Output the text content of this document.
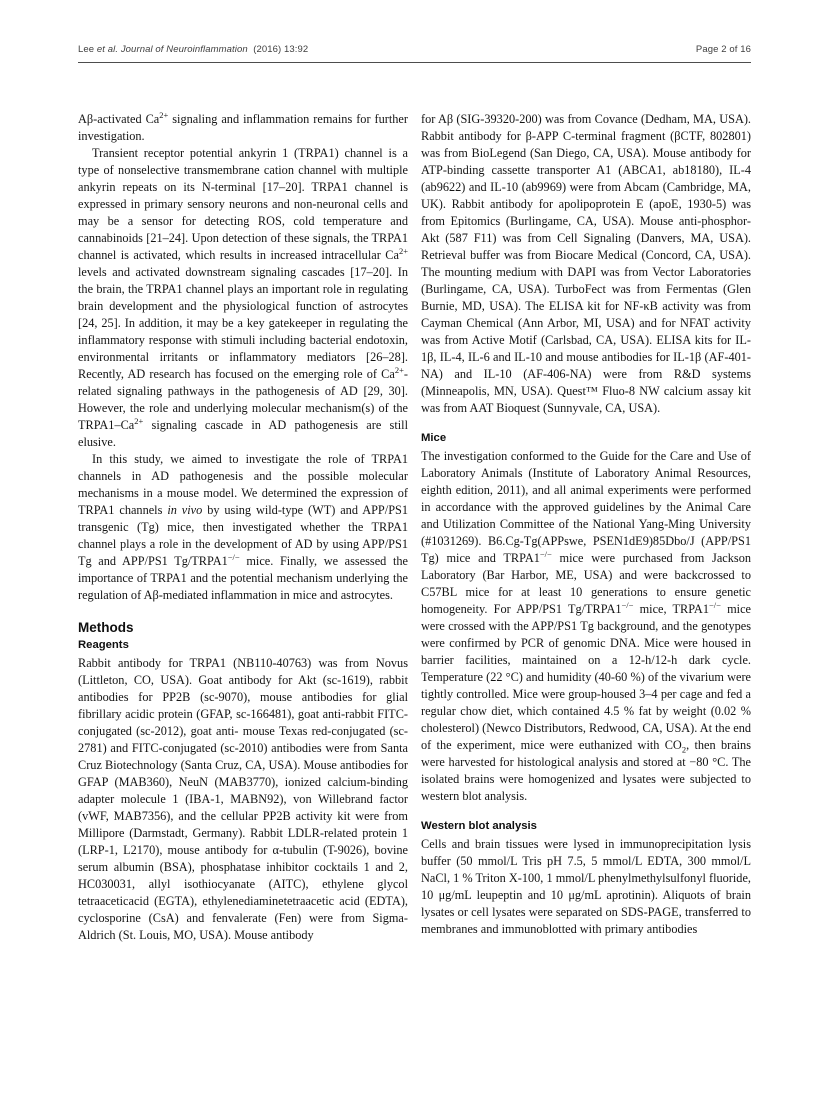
Lee et al. Journal of Neuroinflammation  (2016) 13:92	Page 2 of 16

Aβ-activated $Ca^{2+}$ signaling and inflammation remains for further investigation.

Transient receptor potential ankyrin 1 (TRPA1) channel is a type of nonselective transmembrane cation channel with multiple ankyrin repeats on its N-terminal [17–20]. TRPA1 channel is expressed in primary sensory neurons and non-neuronal cells and may be a sensor for detecting ROS, cold temperature and cannabinoids [21–24]. Upon detection of these signals, the TRPA1 channel is activated, which results in increased intracellular $Ca^{2+}$ levels and activated downstream signaling cascades [17–20]. In the brain, the TRPA1 channel plays an important role in regulating brain development and the physiological function of astrocytes [24, 25]. In addition, it may be a key gatekeeper in regulating the inflammatory response with stimuli including bacterial endotoxin, environmental irritants or inflammatory mediators [26–28]. Recently, AD research has focused on the emerging role of $Ca^{2+}$-related signaling pathways in the pathogenesis of AD [29, 30]. However, the role and underlying molecular mechanism(s) of the $TRPA1-Ca^{2+}$ signaling cascade in AD pathogenesis are still elusive.

In this study, we aimed to investigate the role of TRPA1 channels in AD pathogenesis and the possible molecular mechanisms in a mouse model. We determined the expression of TRPA1 channels in vivo by using wild-type (WT) and APP/PS1 transgenic (Tg) mice, then investigated whether the TRPA1 channel plays a role in the development of AD by using APP/PS1 Tg and APP/PS1 Tg/TRPA1−/− mice. Finally, we assessed the importance of TRPA1 and the potential mechanism underlying the regulation of Aβ-mediated inflammation in mice and astrocytes.

Methods
Reagents

Rabbit antibody for TRPA1 (NB110-40763) was from Novus (Littleton, CO, USA). Goat antibody for Akt (sc-1619), rabbit antibodies for PP2B (sc-9070), mouse antibodies for glial fibrillary acidic protein (GFAP, sc-166481), goat anti-rabbit FITC-conjugated (sc-2012), goat anti- mouse Texas red-conjugated (sc-2781) and FITC-conjugated (sc-2010) antibodies were from Santa Cruz Biotechnology (Santa Cruz, CA, USA). Mouse antibodies for GFAP (MAB360), NeuN (MAB3770), ionized calcium-binding adapter molecule 1 (IBA-1, MABN92), von Willebrand factor (vWF, MAB7356), and the cellular PP2B activity kit were from Millipore (Darmstadt, Germany). Rabbit LDLR-related protein 1 (LRP-1, L2170), mouse antibody for α-tubulin (T-9026), bovine serum albumin (BSA), phosphatase inhibitor cocktails 1 and 2, HC030031, allyl isothiocyanate (AITC), ethylene glycol tetraaceticacid (EGTA), ethylenediaminetetraacetic acid (EDTA), cyclosporine (CsA) and fenvalerate (Fen) were from Sigma-Aldrich (St. Louis, MO, USA). Mouse antibody

for Aβ (SIG-39320-200) was from Covance (Dedham, MA, USA). Rabbit antibody for β-APP C-terminal fragment (βCTF, 802801) was from BioLegend (San Diego, CA, USA). Mouse antibody for ATP-binding cassette transporter A1 (ABCA1, ab18180), IL-4 (ab9622) and IL-10 (ab9969) were from Abcam (Cambridge, MA, UK). Rabbit antibody for apolipoprotein E (apoE, 1930-5) was from Epitomics (Burlingame, CA, USA). Mouse anti-phosphor-Akt (587 F11) was from Cell Signaling (Danvers, MA, USA). Retrieval buffer was from Biocare Medical (Concord, CA, USA). The mounting medium with DAPI was from Vector Laboratories (Burlingame, CA, USA). TurboFect was from Fermentas (Glen Burnie, MD, USA). The ELISA kit for NF-κB activity was from Cayman Chemical (Ann Arbor, MI, USA) and for NFAT activity was from Active Motif (Carlsbad, CA, USA). ELISA kits for IL-1β, IL-4, IL-6 and IL-10 and mouse antibodies for IL-1β (AF-401-NA) and IL-10 (AF-406-NA) were from R&D systems (Minneapolis, MN, USA). Quest™ Fluo-8 NW calcium assay kit was from AAT Bioquest (Sunnyvale, CA, USA).

Mice

The investigation conformed to the Guide for the Care and Use of Laboratory Animals (Institute of Laboratory Animal Resources, eighth edition, 2011), and all animal experiments were performed in accordance with the approved guidelines by the Animal Care and Utilization Committee of the National Yang-Ming University (#1031269). B6.Cg-Tg(APPswe, PSEN1dE9)85Dbo/J (APP/PS1 Tg) mice and TRPA1−/− mice were purchased from Jackson Laboratory (Bar Harbor, ME, USA) and were backcrossed to C57BL mice for at least 10 generations to ensure genetic homogeneity. For APP/PS1 Tg/TRPA1−/− mice, TRPA1−/− mice were crossed with the APP/PS1 Tg background, and the genotypes were confirmed by PCR of genomic DNA. Mice were housed in barrier facilities, maintained on a 12-h/12-h dark cycle. Temperature (22 °C) and humidity (40-60 %) of the vivarium were tightly controlled. Mice were group-housed 3–4 per cage and fed a regular chow diet, which contained 4.5 % fat by weight (0.02 % cholesterol) (Newco Distributors, Redwood, CA, USA). At the end of the experiment, mice were euthanized with $CO_2$, then brains were harvested for histological analysis and stored at −80 °C. The isolated brains were homogenized and lysates were subjected to western blot analysis.

Western blot analysis

Cells and brain tissues were lysed in immunoprecipitation lysis buffer (50 mmol/L Tris pH 7.5, 5 mmol/L EDTA, 300 mmol/L NaCl, 1 % Triton X-100, 1 mmol/L phenylmethylsulfonyl fluoride, 10 μg/mL leupeptin and 10 μg/mL aprotinin). Aliquots of brain lysates or cell lysates were separated on SDS-PAGE, transferred to membranes and immunoblotted with primary antibodies
